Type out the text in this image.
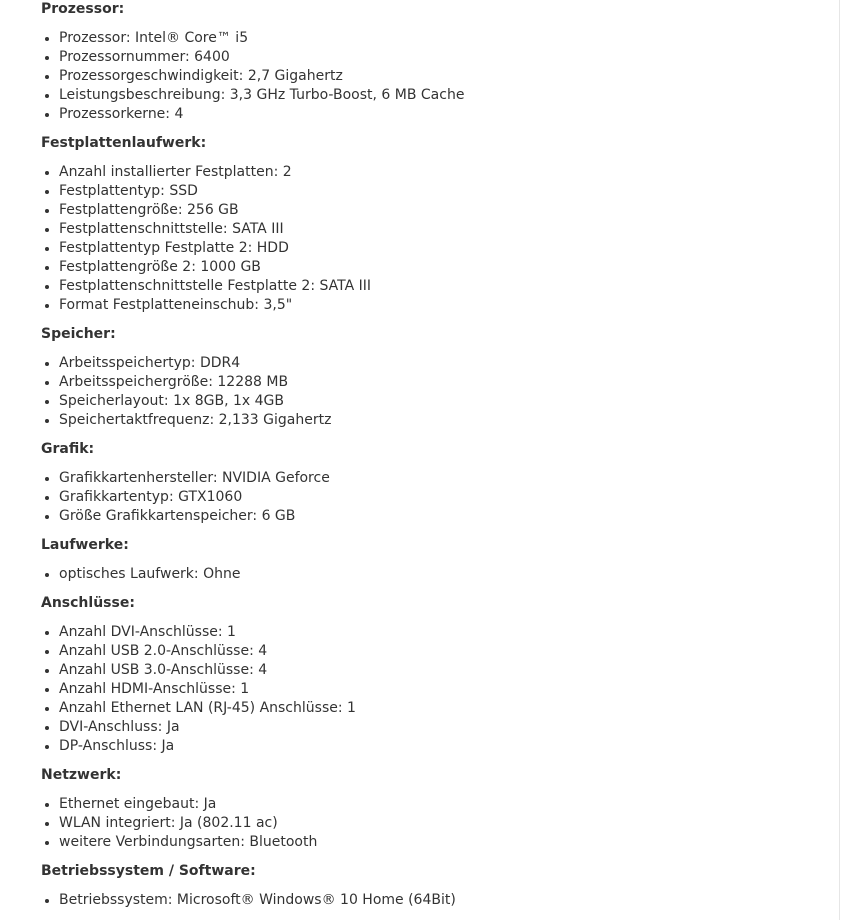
Prozessor:
• Prozessor: Intel® Core™ i5
• Prozessornummer: 6400
• Prozessorgeschwindigkeit: 2,7 Gigahertz
• Leistungsbeschreibung: 3,3 GHz Turbo-Boost, 6 MB Cache
• Prozessorkerne: 4
Festplattenlaufwerk:
• Anzahl installierter Festplatten: 2
• Festplattentyp: SSD
• Festplattengröße: 256 GB
• Festplattenschnittstelle: SATA III
• Festplattentyp Festplatte 2: HDD
• Festplattengröße 2: 1000 GB
• Festplattenschnittstelle Festplatte 2: SATA III
• Format Festplatteneinschub: 3,5"
Speicher:
• Arbeitsspeichertyp: DDR4
• Arbeitsspeichergröße: 12288 MB
• Speicherlayout: 1x 8GB, 1x 4GB
• Speichertaktfrequenz: 2,133 Gigahertz
Grafik:
• Grafikkartenhersteller: NVIDIA Geforce
• Grafikkartentyp: GTX1060
• Größe Grafikkartenspeicher: 6 GB
Laufwerke:
• optisches Laufwerk: Ohne
Anschlüsse:
• Anzahl DVI-Anschlüsse: 1
• Anzahl USB 2.0-Anschlüsse: 4
• Anzahl USB 3.0-Anschlüsse: 4
• Anzahl HDMI-Anschlüsse: 1
• Anzahl Ethernet LAN (RJ-45) Anschlüsse: 1
• DVI-Anschluss: Ja
• DP-Anschluss: Ja
Netzwerk:
• Ethernet eingebaut: Ja
• WLAN integriert: Ja (802.11 ac)
• weitere Verbindungsarten: Bluetooth
Betriebssystem / Software:
• Betriebssystem: Microsoft® Windows® 10 Home (64Bit)
